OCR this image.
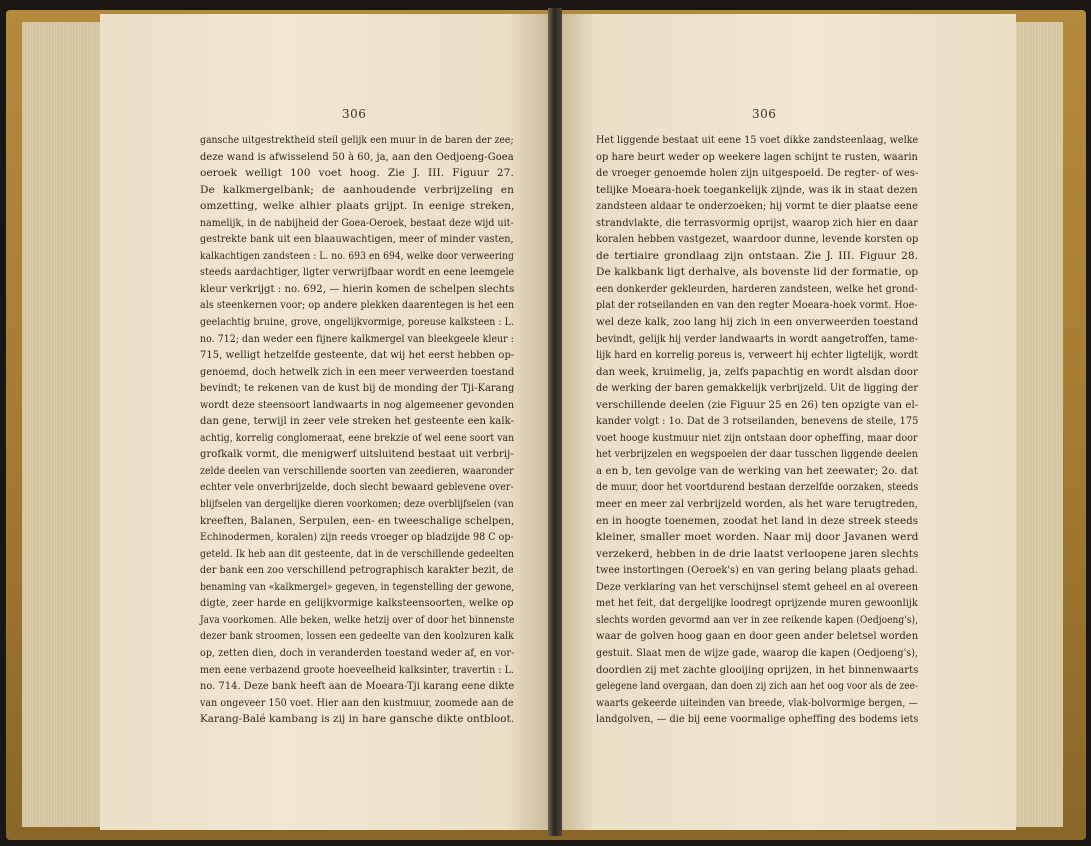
306	306
gansche uitgestrektheid steil gelijk een muur in de baren der zee;
deze wand is afwisselend 50 à 60, ja, aan den Oedjoeng-Goea
oeroek welligt 100 voet hoog. Zie J. III. Figuur 27.
De kalkmergelbank; de aanhoudende verbrijzeling en
omzetting, welke alhier plaats grijpt. In eenige streken,
namelijk, in de nabijheid der Goea-Oeroek, bestaat deze wijd uit-
gestrekte bank uit een blaauwachtigen, meer of minder vasten,
kalkachtigen zandsteen : L. no. 693 en 694, welke door verweering
steeds aardachtiger, ligter verwrijfbaar wordt en eene leemgele
kleur verkrijgt : no. 692, — hierin komen de schelpen slechts
als steenkernen voor; op andere plekken daarentegen is het een
geelachtig bruine, grove, ongelijkvormige, poreuse kalksteen : L.
no. 712; dan weder een fijnere kalkmergel van bleekgeele kleur :
715, welligt hetzelfde gesteente, dat wij het eerst hebben op-
genoemd, doch hetwelk zich in een meer verweerden toestand
bevindt; te rekenen van de kust bij de monding der Tji-Karang
wordt deze steensoort landwaarts in nog algemeener gevonden
dan gene, terwijl in zeer vele streken het gesteente een kalk-
achtig, korrelig conglomeraat, eene brekzie of wel eene soort van
grofkalk vormt, die menigwerf uitsluitend bestaat uit verbrij-
zelde deelen van verschillende soorten van zeedieren, waaronder
echter vele onverbrijzelde, doch slecht bewaard geblevene over-
blijfselen van dergelijke dieren voorkomen; deze overblijfselen (van
kreeften, Balanen, Serpulen, een- en tweeschalige schelpen,
Echinodermen, koralen) zijn reeds vroeger op bladzijde 98 C op-
geteld. Ik heb aan dit gesteente, dat in de verschillende gedeelten
der bank een zoo verschillend petrographisch karakter bezit, de
benaming van «kalkmergel» gegeven, in tegenstelling der gewone,
digte, zeer harde en gelijkvormige kalksteensoorten, welke op
Java voorkomen. Alle beken, welke hetzij over of door het binnenste
dezer bank stroomen, lossen een gedeelte van den koolzuren kalk
op, zetten dien, doch in veranderden toestand weder af, en vor-
men eene verbazend groote hoeveelheid kalksinter, travertin : L.
no. 714. Deze bank heeft aan de Moeara-Tji karang eene dikte
van ongeveer 150 voet. Hier aan den kustmuur, zoomede aan de
Karang-Balé kambang is zij in hare gansche dikte ontbloot.
Het liggende bestaat uit eene 15 voet dikke zandsteenlaag, welke
op hare beurt weder op weekere lagen schijnt te rusten, waarin
de vroeger genoemde holen zijn uitgespoeld. De regter- of wes-
telijke Moeara-hoek toegankelijk zijnde, was ik in staat dezen
zandsteen aldaar te onderzoeken; hij vormt te dier plaatse eene
strandvlakte, die terrasvormig oprijst, waarop zich hier en daar
koralen hebben vastgezet, waardoor dunne, levende korsten op
de tertiaire grondlaag zijn ontstaan. Zie J. III. Figuur 28.
De kalkbank ligt derhalve, als bovenste lid der formatie, op
een donkerder gekleurden, harderen zandsteen, welke het grond-
plat der rotseilanden en van den regter Moeara-hoek vormt. Hoe-
wel deze kalk, zoo lang hij zich in een onverweerden toestand
bevindt, gelijk hij verder landwaarts in wordt aangetroffen, tame-
lijk hard en korrelig poreus is, verweert hij echter ligtelijk, wordt
dan week, kruimelig, ja, zelfs papachtig en wordt alsdan door
de werking der baren gemakkelijk verbrijzeld. Uit de ligging der
verschillende deelen (zie Figuur 25 en 26) ten opzigte van el-
kander volgt : 1o. Dat de 3 rotseilanden, benevens de steile, 175
voet hooge kustmuur niet zijn ontstaan door opheffing, maar door
het verbrijzelen en wegspoelen der daar tusschen liggende deelen
a en b, ten gevolge van de werking van het zeewater; 2o. dat
de muur, door het voortdurend bestaan derzelfde oorzaken, steeds
meer en meer zal verbrijzeld worden, als het ware terugtreden,
en in hoogte toenemen, zoodat het land in deze streek steeds
kleiner, smaller moet worden. Naar mij door Javanen werd
verzekerd, hebben in de drie laatst verloopene jaren slechts
twee instortingen (Oeroek's) en van gering belang plaats gehad.
Deze verklaring van het verschijnsel stemt geheel en al overeen
met het feit, dat dergelijke loodregt oprijzende muren gewoonlijk
slechts worden gevormd aan ver in zee reikende kapen (Oedjoeng's),
waar de golven hoog gaan en door geen ander beletsel worden
gestuit. Slaat men de wijze gade, waarop die kapen (Oedjoeng's),
doordien zij met zachte glooijing oprijzen, in het binnenwaarts
gelegene land overgaan, dan doen zij zich aan het oog voor als de zee-
waarts gekeerde uiteinden van breede, vlak-bolvormige bergen, —
landgolven, — die bij eene voormalige opheffing des bodems iets
